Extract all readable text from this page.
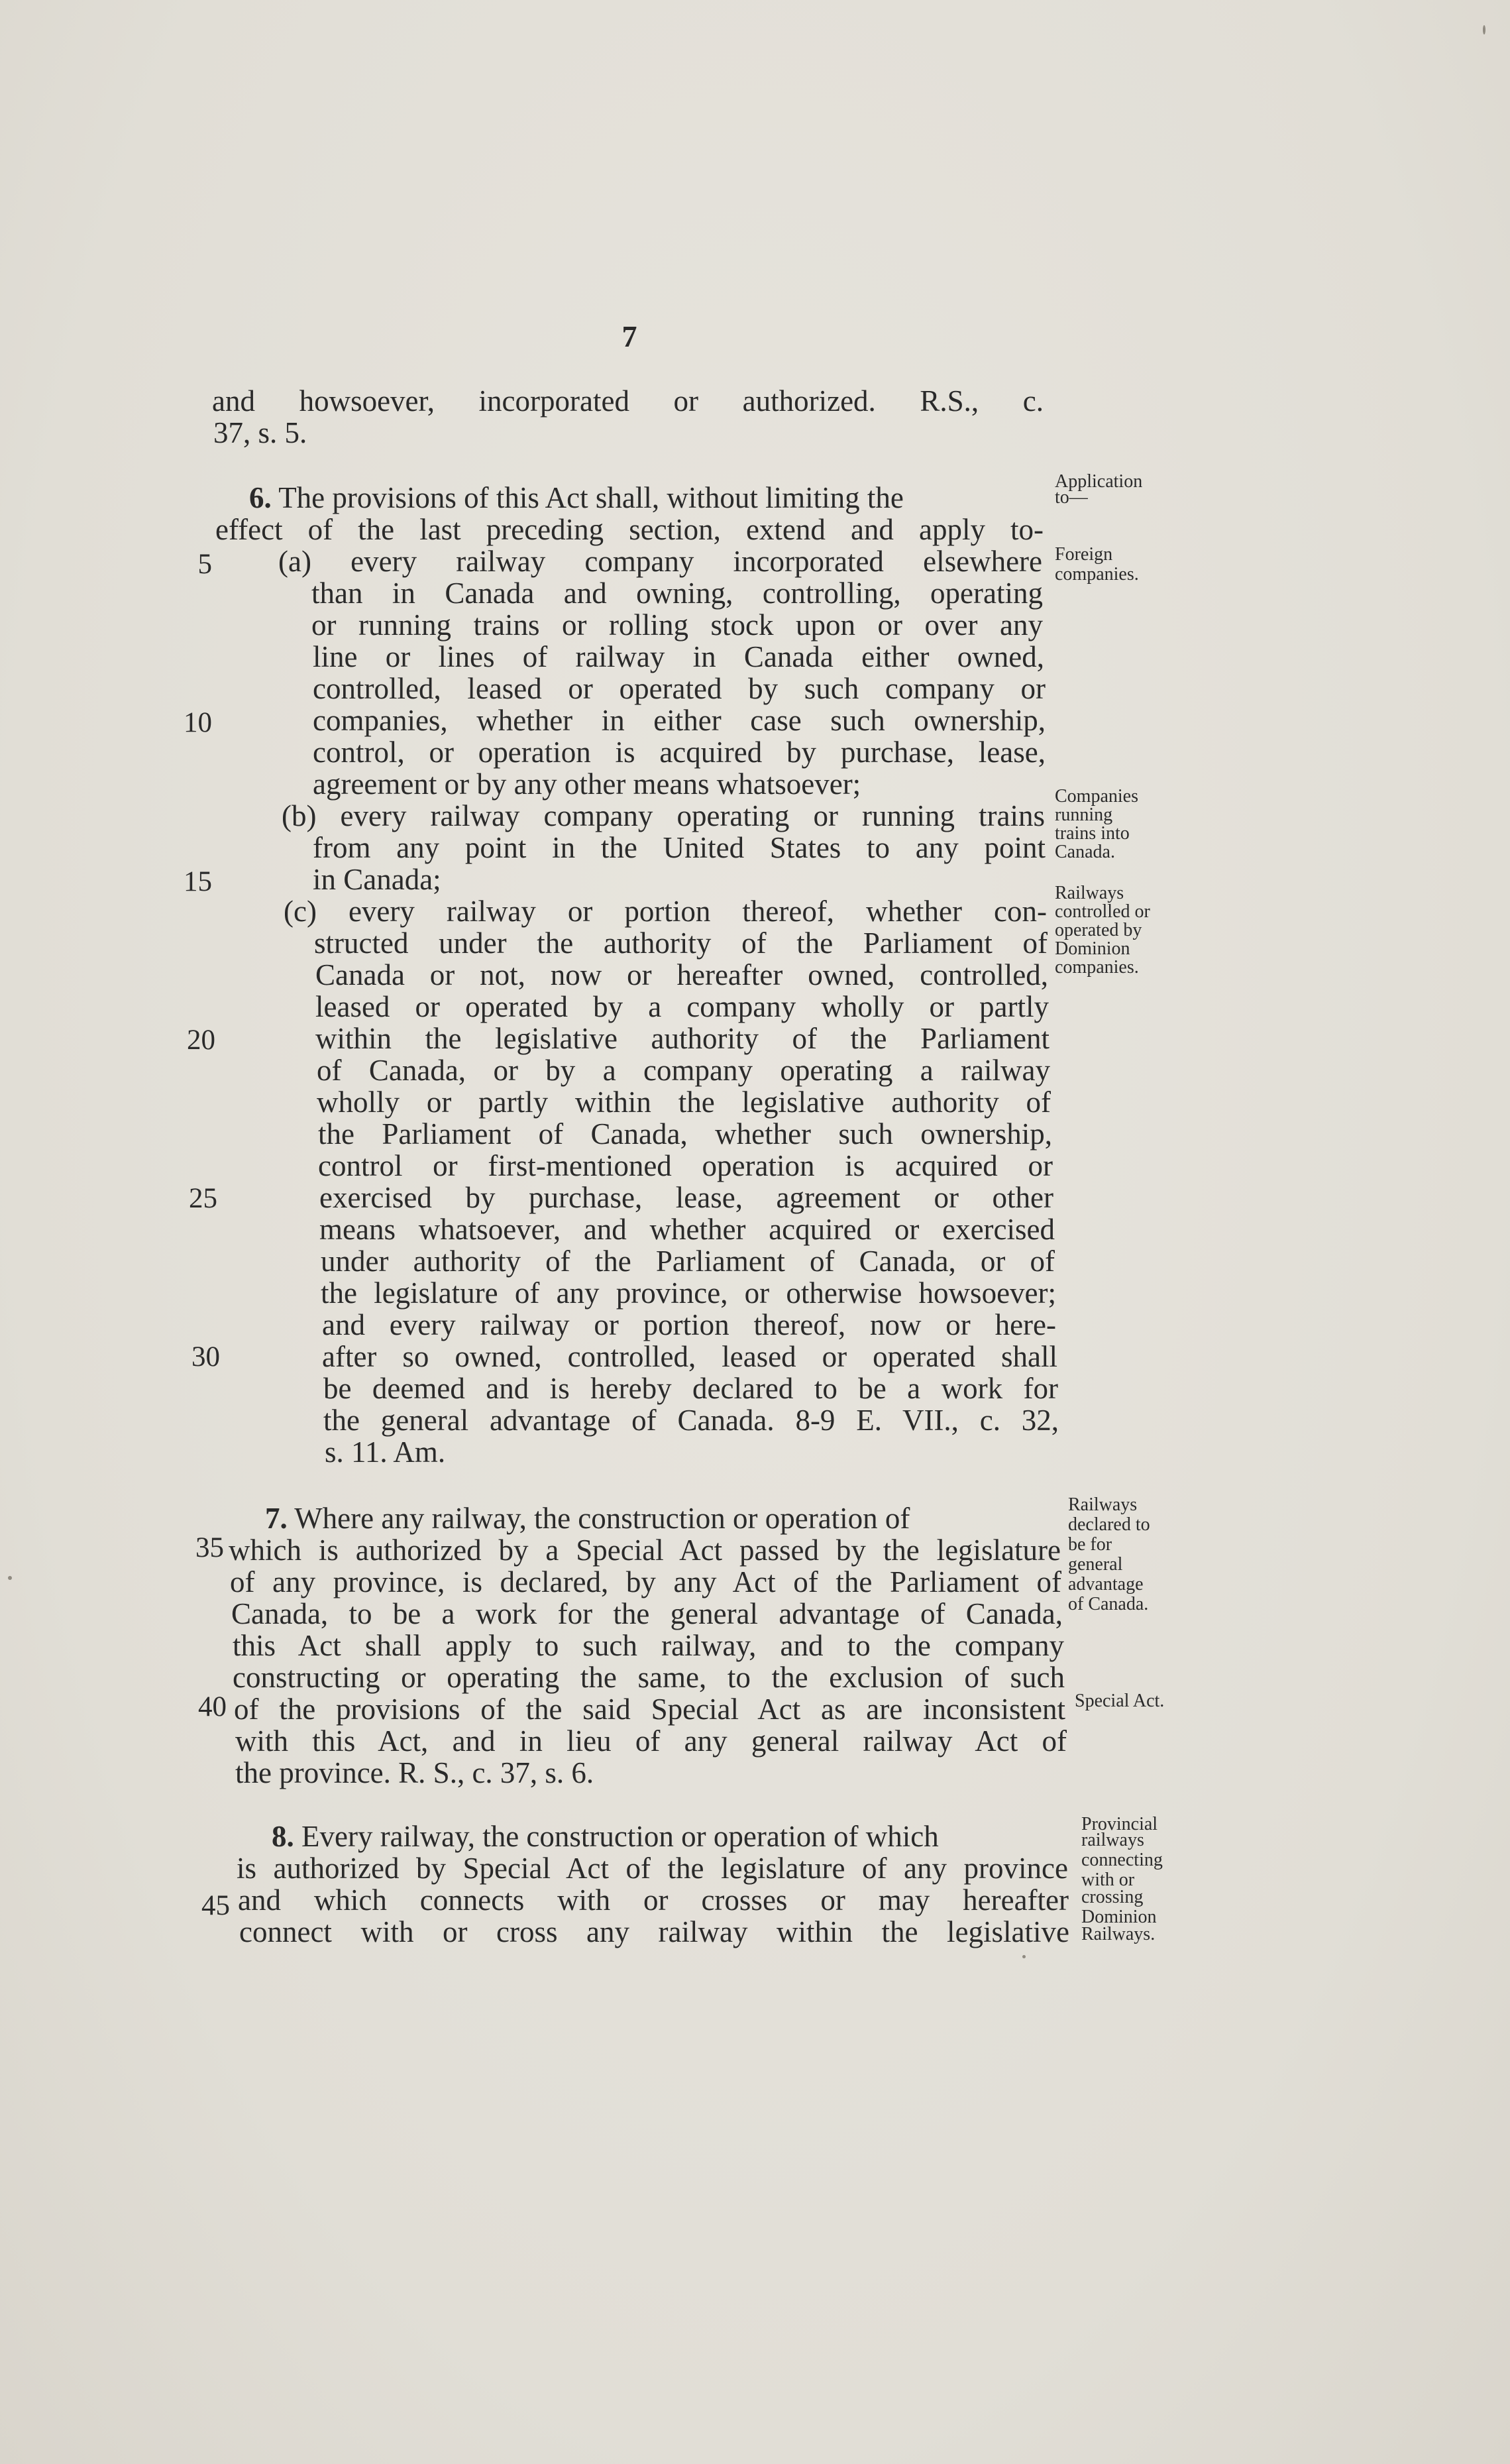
7
5
10
15
20
25
30
35
40
45
and howsoever, incorporated or authorized. R.S., c.
37, s. 5.
6. The provisions of this Act shall, without limiting the
effect of the last preceding section, extend and apply to-
(a) every railway company incorporated elsewhere
than in Canada and owning, controlling, operating
or running trains or rolling stock upon or over any
line or lines of railway in Canada either owned,
controlled, leased or operated by such company or
companies, whether in either case such ownership,
control, or operation is acquired by purchase, lease,
agreement or by any other means whatsoever;
(b) every railway company operating or running trains
from any point in the United States to any point
in Canada;
(c) every railway or portion thereof, whether con-
structed under the authority of the Parliament of
Canada or not, now or hereafter owned, controlled,
leased or operated by a company wholly or partly
within the legislative authority of the Parliament
of Canada, or by a company operating a railway
wholly or partly within the legislative authority of
the Parliament of Canada, whether such ownership,
control or first-mentioned operation is acquired or
exercised by purchase, lease, agreement or other
means whatsoever, and whether acquired or exercised
under authority of the Parliament of Canada, or of
the legislature of any province, or otherwise howsoever;
and every railway or portion thereof, now or here-
after so owned, controlled, leased or operated shall
be deemed and is hereby declared to be a work for
the general advantage of Canada. 8-9 E. VII., c. 32,
s. 11. Am.
7. Where any railway, the construction or operation of
which is authorized by a Special Act passed by the legislature
of any province, is declared, by any Act of the Parliament of
Canada, to be a work for the general advantage of Canada,
this Act shall apply to such railway, and to the company
constructing or operating the same, to the exclusion of such
of the provisions of the said Special Act as are inconsistent
with this Act, and in lieu of any general railway Act of
the province. R. S., c. 37, s. 6.
8. Every railway, the construction or operation of which
is authorized by Special Act of the legislature of any province
and which connects with or crosses or may hereafter
connect with or cross any railway within the legislative
Application
to—
Foreign
companies.
Companies
running
trains into
Canada.
Railways
controlled or
operated by
Dominion
companies.
Railways
declared to
be for
general
advantage
of Canada.
Special Act.
Provincial
railways
connecting
with or
crossing
Dominion
Railways.
